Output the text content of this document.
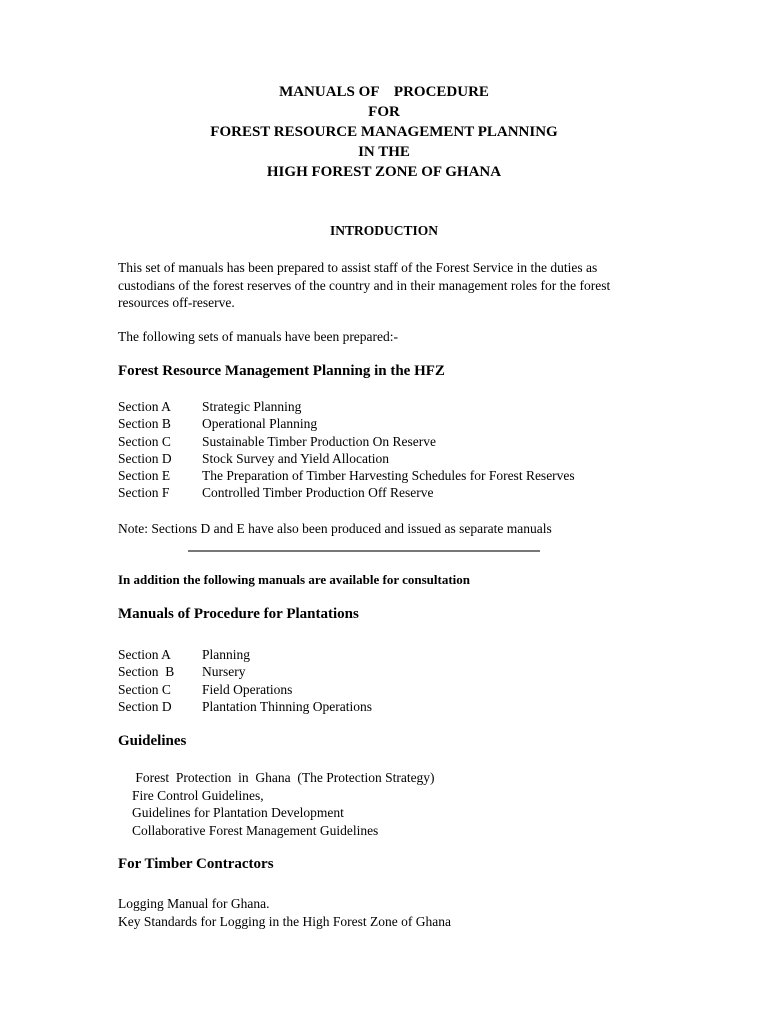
MANUALS OF    PROCEDURE
FOR
FOREST RESOURCE MANAGEMENT PLANNING
IN THE
HIGH FOREST ZONE OF GHANA
INTRODUCTION
This set of manuals has been prepared to assist staff of the Forest Service in the duties as
custodians of the forest reserves of the country and in their management roles for the forest
resources off-reserve.
The following sets of manuals have been prepared:-
Forest Resource Management Planning in the HFZ
Section A	Strategic Planning
Section B	Operational Planning
Section C	Sustainable Timber Production On Reserve
Section D	Stock Survey and Yield Allocation
Section E	The Preparation of Timber Harvesting Schedules for Forest Reserves
Section F	Controlled Timber Production Off Reserve
Note: Sections D and E have also been produced and issued as separate manuals
In addition the following manuals are available for consultation
Manuals of Procedure for Plantations
Section A	Planning
Section  B	Nursery
Section C	Field Operations
Section D	Plantation Thinning Operations
Guidelines
Forest  Protection  in  Ghana  (The Protection Strategy)
Fire Control Guidelines,
Guidelines for Plantation Development
Collaborative Forest Management Guidelines
For Timber Contractors
Logging Manual for Ghana.
Key Standards for Logging in the High Forest Zone of Ghana
